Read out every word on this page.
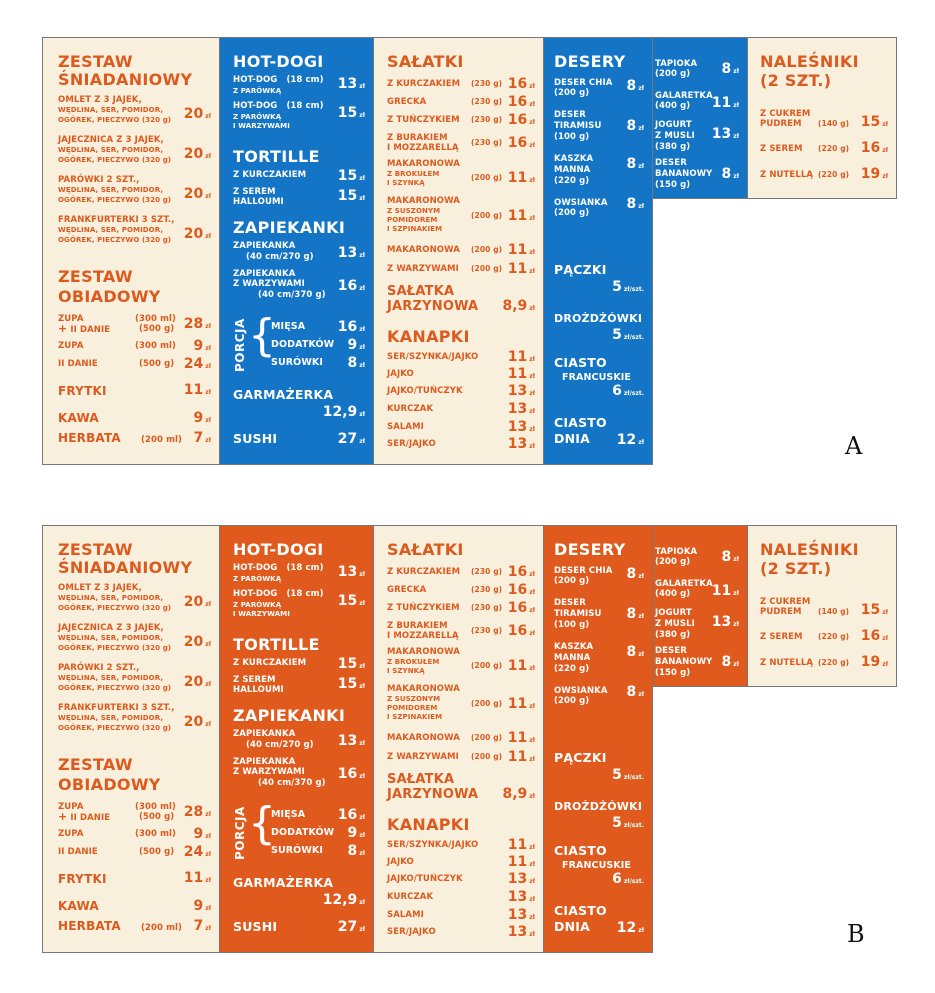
ZESTAW
ŚNIADANIOWY
OMLET Z 3 JAJEK,
WĘDLINA, SER, POMIDOR,
OGÓREK, PIECZYWO (320 g) 20 zł
JAJECZNICA Z 3 JAJEK,
WĘDLINA, SER, POMIDOR,
OGÓREK, PIECZYWO (320 g) 20 zł
PARÓWKI 2 SZT.,
WĘDLINA, SER, POMIDOR,
OGÓREK, PIECZYWO (320 g) 20 zł
FRANKFURTERKI 3 SZT.,
WĘDLINA, SER, POMIDOR,
OGÓREK, PIECZYWO (320 g) 20 zł
ZESTAW
OBIADOWY
ZUPA
+ II DANIE
(300 ml)
(500 g) 28 zł
ZUPA	(300 ml) 9 zł
II DANIE	(500 g) 24 zł
FRYTKI	11 zł
KAWA	9 zł
HERBATA (200 ml) 7 zł
HOT-DOGI
HOT-DOG (18 cm)
Z PARÓWKĄ	13 zł
HOT-DOG (18 cm)
Z PARÓWKĄ
I WARZYWAMI
15 zł
TORTILLE
Z KURCZAKIEM 15 zł
Z SEREM
HALLOUMI	15 zł
ZAPIEKANKI
ZAPIEKANKA
(40 cm/270 g) 13 zł
ZAPIEKANKA
Z WARZYWAMI
(40 cm/370 g)
16 zł
PORCJA {
MIĘSA 16 zł
DODATKÓW 9 zł
SURÓWKI 8 zł
GARMAŻERKA
12,9 zł
SUSHI	27 zł
SAŁATKI
Z KURCZAKIEM (230 g) 16 zł
GRECKA	(230 g) 16 zł
Z TUŃCZYKIEM (230 g) 16 zł
Z BURAKIEM
I MOZZARELLĄ
(230 g) 16 zł
MAKARONOWA
Z BROKUŁEM
I SZYNKĄ
(200 g) 11 zł
MAKARONOWA
Z SUSZONYM
POMIDOREM
I SZPINAKIEM
(200 g) 11 zł
MAKARONOWA (200 g) 11 zł
Z WARZYWAMI (200 g) 11 zł
SAŁATKA
JARZYNOWA 8,9 zł
KANAPKI
SER/SZYNKA/JAJKO 11 zł
JAJKO	11 zł
JAJKO/TUŃCZYK	13 zł
KURCZAK	13 zł
SALAMI	13 zł
SER/JAJKO	13 zł
DESERY
DESER CHIA
(200 g)	8 zł
DESER
TIRAMISU
(100 g)
8 zł
KASZKA
MANNA
(220 g)
8 zł
OWSIANKA
(200 g)
8 zł
PĄCZKI
5 zł/szt.
DROŻDŻÓWKI
5 zł/szt.
CIASTO
FRANCUSKIE
6 zł/szt.
CIASTO
DNIA 12 zł
TAPIOKA
(200 g) 8 zł
GALARETKA
(400 g) 11 zł
JOGURT
Z MUSLI
(380 g)
13 zł
DESER
BANANOWY
(150 g)
8 zł
NALEŚNIKI
(2 SZT.)
Z CUKREM
PUDREM (140 g) 15 zł
Z SEREM (220 g) 16 zł
Z NUTELLĄ (220 g) 19 zł
A
ZESTAW
ŚNIADANIOWY
OMLET Z 3 JAJEK,
WĘDLINA, SER, POMIDOR,
OGÓREK, PIECZYWO (320 g) 20 zł
JAJECZNICA Z 3 JAJEK,
WĘDLINA, SER, POMIDOR,
OGÓREK, PIECZYWO (320 g) 20 zł
PARÓWKI 2 SZT.,
WĘDLINA, SER, POMIDOR,
OGÓREK, PIECZYWO (320 g) 20 zł
FRANKFURTERKI 3 SZT.,
WĘDLINA, SER, POMIDOR,
OGÓREK, PIECZYWO (320 g) 20 zł
ZESTAW
OBIADOWY
ZUPA
+ II DANIE
(300 ml)
(500 g) 28 zł
ZUPA	(300 ml) 9 zł
II DANIE	(500 g) 24 zł
FRYTKI	11 zł
KAWA	9 zł
HERBATA (200 ml) 7 zł
HOT-DOGI
HOT-DOG (18 cm)
Z PARÓWKĄ	13 zł
HOT-DOG (18 cm)
Z PARÓWKĄ
I WARZYWAMI
15 zł
TORTILLE
Z KURCZAKIEM 15 zł
Z SEREM
HALLOUMI	15 zł
ZAPIEKANKI
ZAPIEKANKA
(40 cm/270 g) 13 zł
ZAPIEKANKA
Z WARZYWAMI
(40 cm/370 g)
16 zł
PORCJA {
MIĘSA 16 zł
DODATKÓW 9 zł
SURÓWKI 8 zł
GARMAŻERKA
12,9 zł
SUSHI	27 zł
SAŁATKI
Z KURCZAKIEM (230 g) 16 zł
GRECKA	(230 g) 16 zł
Z TUŃCZYKIEM (230 g) 16 zł
Z BURAKIEM
I MOZZARELLĄ
(230 g) 16 zł
MAKARONOWA
Z BROKUŁEM
I SZYNKĄ
(200 g) 11 zł
MAKARONOWA
Z SUSZONYM
POMIDOREM
I SZPINAKIEM
(200 g) 11 zł
MAKARONOWA (200 g) 11 zł
Z WARZYWAMI (200 g) 11 zł
SAŁATKA
JARZYNOWA 8,9 zł
KANAPKI
SER/SZYNKA/JAJKO 11 zł
JAJKO	11 zł
JAJKO/TUŃCZYK	13 zł
KURCZAK	13 zł
SALAMI	13 zł
SER/JAJKO	13 zł
DESERY
DESER CHIA
(200 g)	8 zł
DESER
TIRAMISU
(100 g)
8 zł
KASZKA
MANNA
(220 g)
8 zł
OWSIANKA
(200 g)
8 zł
PĄCZKI
5 zł/szt.
DROŻDŻÓWKI
5 zł/szt.
CIASTO
FRANCUSKIE
6 zł/szt.
CIASTO
DNIA 12 zł
TAPIOKA
(200 g) 8 zł
GALARETKA
(400 g) 11 zł
JOGURT
Z MUSLI
(380 g)
13 zł
DESER
BANANOWY
(150 g)
8 zł
NALEŚNIKI
(2 SZT.)
Z CUKREM
PUDREM (140 g) 15 zł
Z SEREM (220 g) 16 zł
Z NUTELLĄ (220 g) 19 zł
B
